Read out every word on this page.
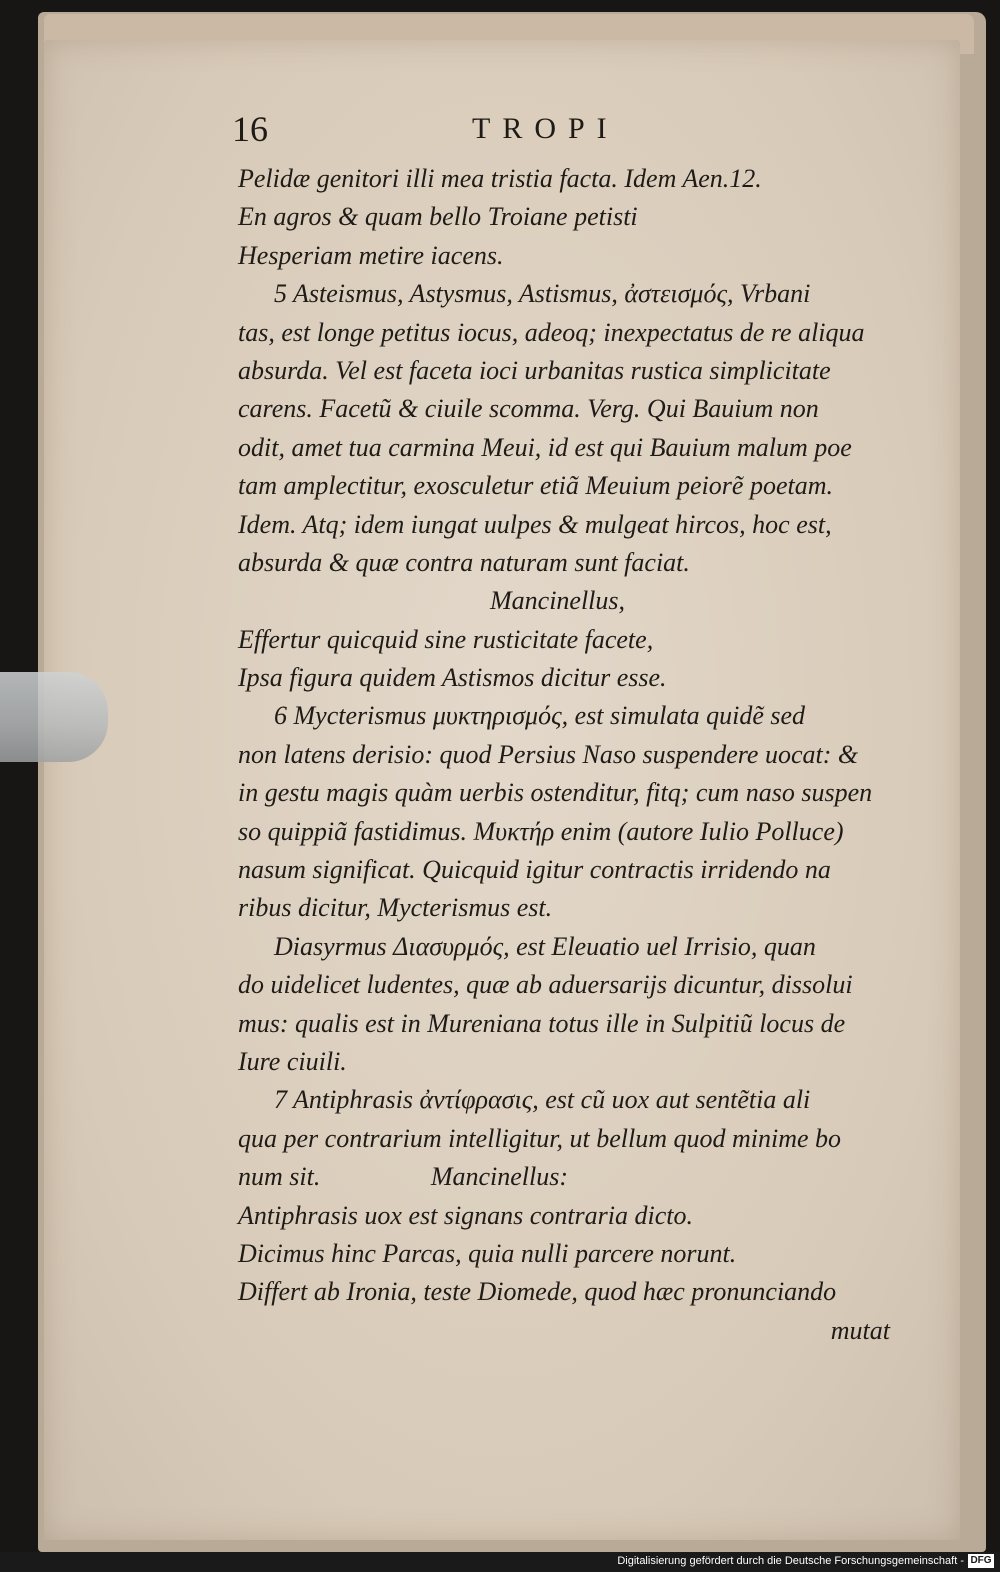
16	TROPI
Pelidæ genitori illi mea tristia facta. Idem Aen.12.
En agros & quam bello Troiane petisti
Hesperiam metire iacens.
5 Asteismus, Astysmus, Astismus, ἀστεισμός, Vrbani
tas, est longe petitus iocus, adeoq; inexpectatus de re aliqua
absurda. Vel est faceta ioci urbanitas rustica simplicitate
carens. Facetũ & ciuile scomma. Verg. Qui Bauium non
odit, amet tua carmina Meui, id est qui Bauium malum poe
tam amplectitur, exosculetur etiã Meuium peiorẽ poetam.
Idem. Atq; idem iungat uulpes & mulgeat hircos, hoc est,
absurda & quæ contra naturam sunt faciat.
Mancinellus,
Effertur quicquid sine rusticitate facete,
Ipsa figura quidem Astismos dicitur esse.
6 Mycterismus μυκτηρισμός, est simulata quidẽ sed
non latens derisio: quod Persius Naso suspendere uocat: &
in gestu magis quàm uerbis ostenditur, fitq; cum naso suspen
so quippiã fastidimus. Μυκτήρ enim (autore Iulio Polluce)
nasum significat. Quicquid igitur contractis irridendo na
ribus dicitur, Mycterismus est.
Diasyrmus Διασυρμός, est Eleuatio uel Irrisio, quan
do uidelicet ludentes, quæ ab aduersarijs dicuntur, dissolui
mus: qualis est in Mureniana totus ille in Sulpitiũ locus de
Iure ciuili.
7 Antiphrasis ἀντίφρασις, est cũ uox aut sentẽtia ali
qua per contrarium intelligitur, ut bellum quod minime bo
num sit.                 Mancinellus:
Antiphrasis uox est signans contraria dicto.
Dicimus hinc Parcas, quia nulli parcere norunt.
Differt ab Ironia, teste Diomede, quod hæc pronunciando
mutat
Digitalisierung gefördert durch die Deutsche Forschungsgemeinschaft - DFG
